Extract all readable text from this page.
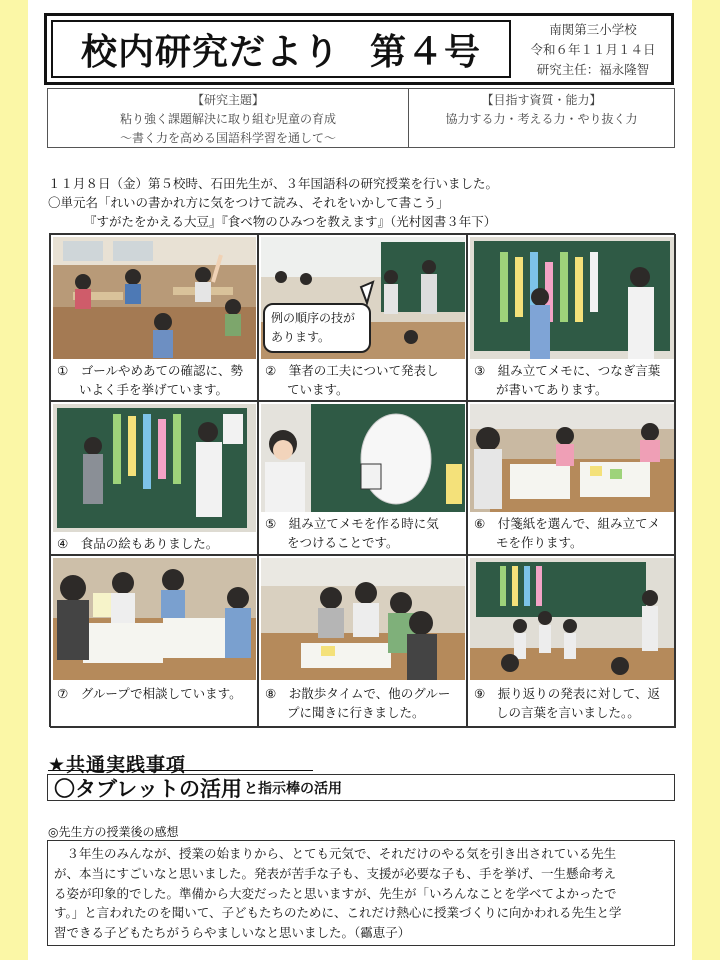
校内研究だより 第４号
南関第三小学校
令和６年１１月１４日
研究主任：福永隆智
【研究主題】
粘り強く課題解決に取り組む児童の育成
～書く力を高める国語科学習を通して～
【目指す資質・能力】
協力する力・考える力・やり抜く力
１１月８日（金）第５校時、石田先生が、３年国語科の研究授業を行いました。
〇単元名「れいの書かれ方に気をつけて読み、それをいかして書こう」
『すがたをかえる大豆』『食べ物のひみつを教えます』（光村図書３年下）
①　 ゴールやめあての確認に、勢
いよく手を挙げています。
例の順序の技が
あります。
②　 筆者の工夫について発表し
ています。
③　 組み立てメモに、つなぎ言葉
が書いてあります。
④　 食品の絵もありました。
⑤　 組み立てメモを作る時に気
をつけることです。
⑥　 付箋紙を選んで、組み立てメ
モを作ります。
⑦　 グループで相談しています。	⑧　 お散歩タイムで、他のグルー
プに聞きに行きました。
⑨　 振り返りの発表に対して、返
しの言葉を言いました。。
★共通実践事項
〇タブレットの活用 と指示棒の活用
◎先生方の授業後の感想
　３年生のみんなが、授業の始まりから、とても元気で、それだけのやる気を引き出されている先生
が、本当にすごいなと思いました。発表が苦手な子も、支援が必要な子も、手を挙げ、一生懸命考え
る姿が印象的でした。準備から大変だったと思いますが、先生が「いろんなことを学べてよかったで
す。」と言われたのを聞いて、子どもたちのために、これだけ熱心に授業づくりに向かわれる先生と学
習できる子どもたちがうらやましいなと思いました。（靍恵子）
